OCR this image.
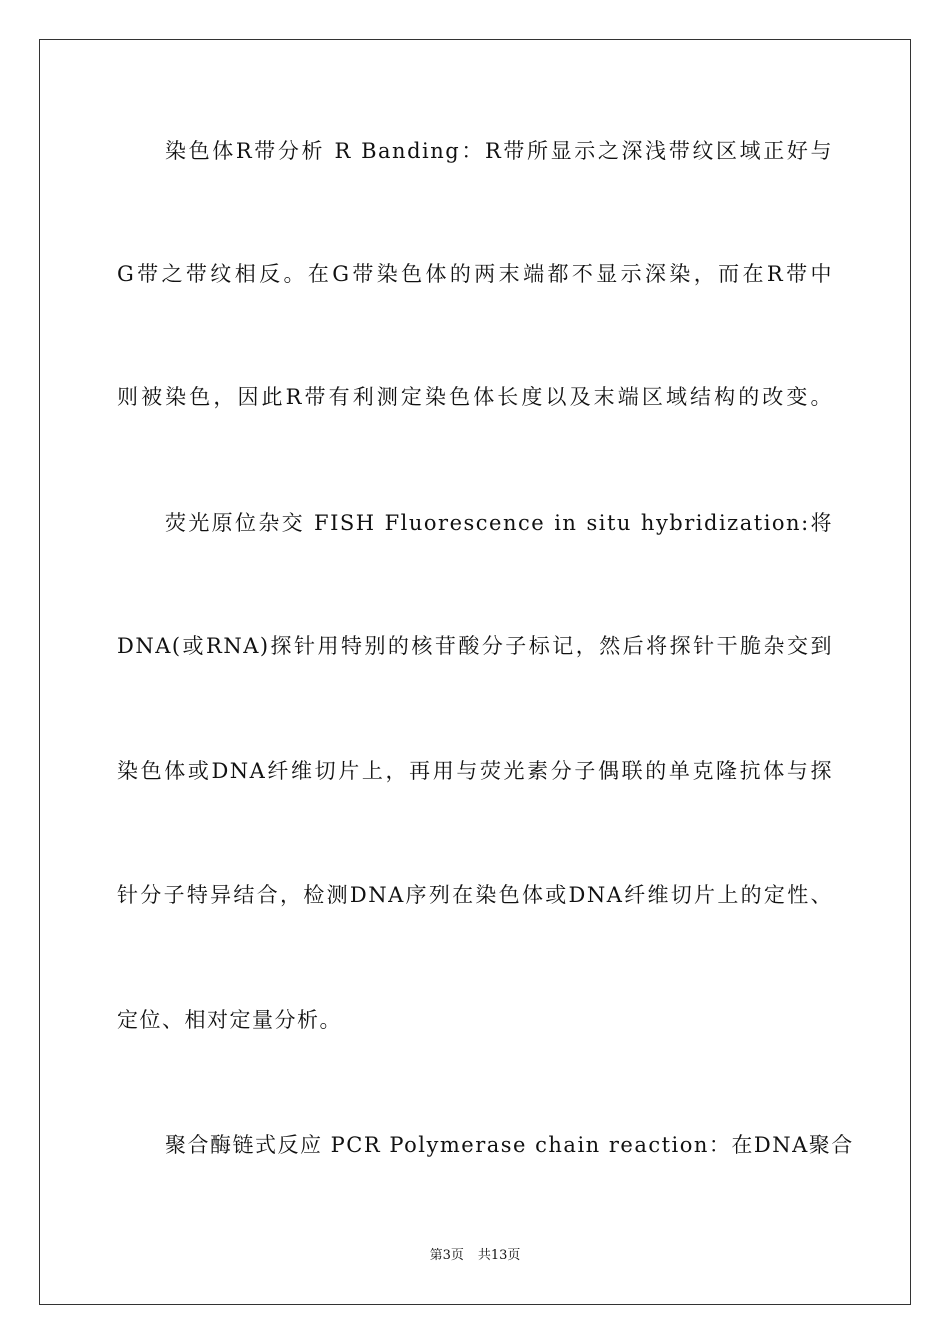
染色体R带分析 R Banding：R带所显示之深浅带纹区域正好与
G带之带纹相反。在G带染色体的两末端都不显示深染，而在R带中
则被染色，因此R带有利测定染色体长度以及末端区域结构的改变。
荧光原位杂交 FISH Fluorescence in situ hybridization:将
DNA(或RNA)探针用特别的核苷酸分子标记，然后将探针干脆杂交到
染色体或DNA纤维切片上，再用与荧光素分子偶联的单克隆抗体与探
针分子特异结合，检测DNA序列在染色体或DNA纤维切片上的定性、
定位、相对定量分析。
聚合酶链式反应 PCR Polymerase chain reaction：在DNA聚合
第3页 共13页
